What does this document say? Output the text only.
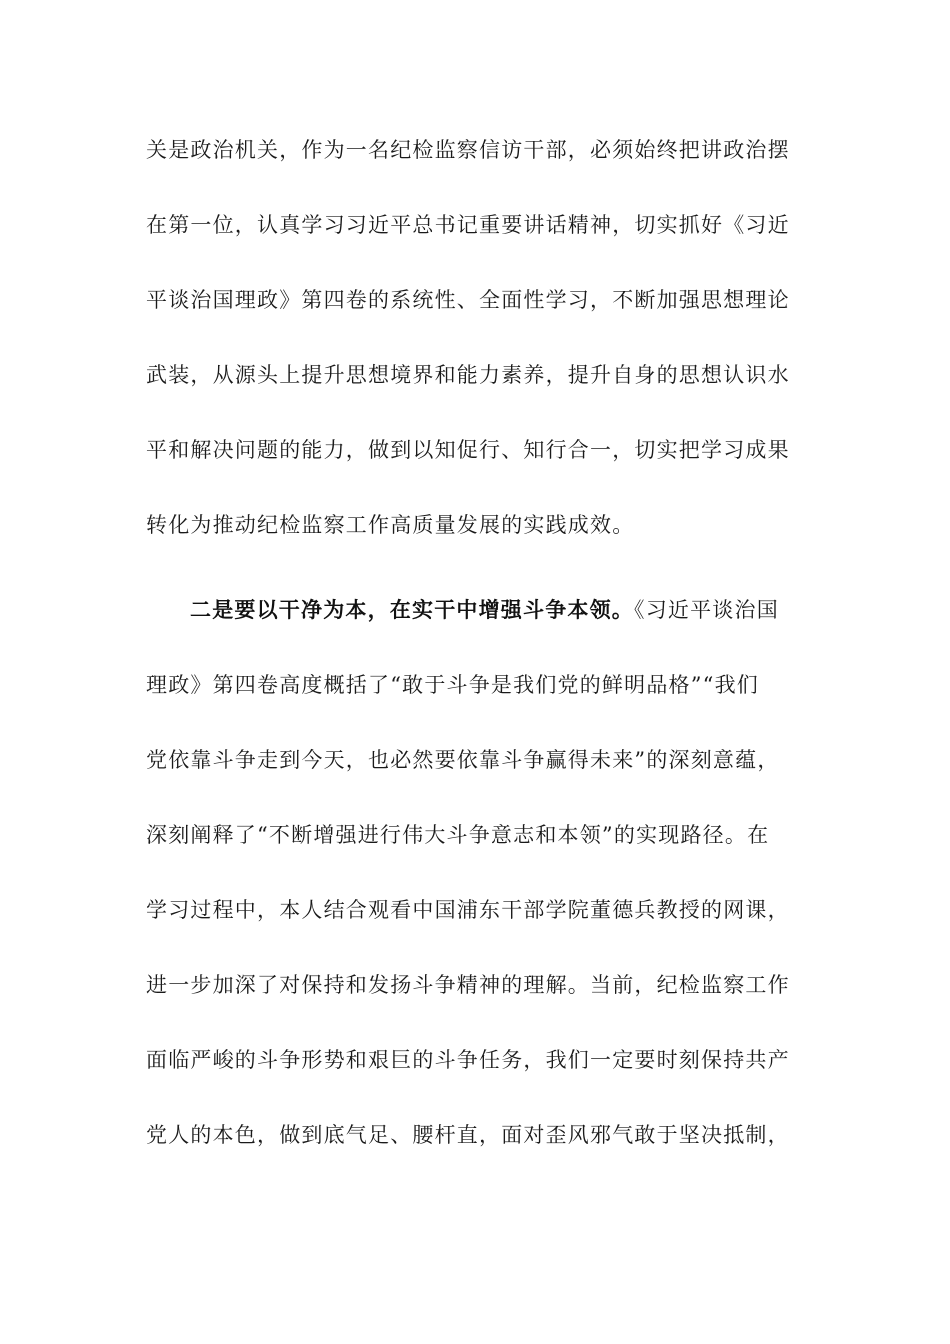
关是政治机关，作为一名纪检监察信访干部，必须始终把讲政治摆
在第一位，认真学习习近平总书记重要讲话精神，切实抓好《习近
平谈治国理政》第四卷的系统性、全面性学习，不断加强思想理论
武装，从源头上提升思想境界和能力素养，提升自身的思想认识水
平和解决问题的能力，做到以知促行、知行合一，切实把学习成果
转化为推动纪检监察工作高质量发展的实践成效。
二是要以干净为本，在实干中增强斗争本领。《习近平谈治国
理政》第四卷高度概括了“敢于斗争是我们党的鲜明品格”“我们
党依靠斗争走到今天，也必然要依靠斗争赢得未来”的深刻意蕴，
深刻阐释了“不断增强进行伟大斗争意志和本领”的实现路径。在
学习过程中，本人结合观看中国浦东干部学院董德兵教授的网课，
进一步加深了对保持和发扬斗争精神的理解。当前，纪检监察工作
面临严峻的斗争形势和艰巨的斗争任务，我们一定要时刻保持共产
党人的本色，做到底气足、腰杆直，面对歪风邪气敢于坚决抵制，
